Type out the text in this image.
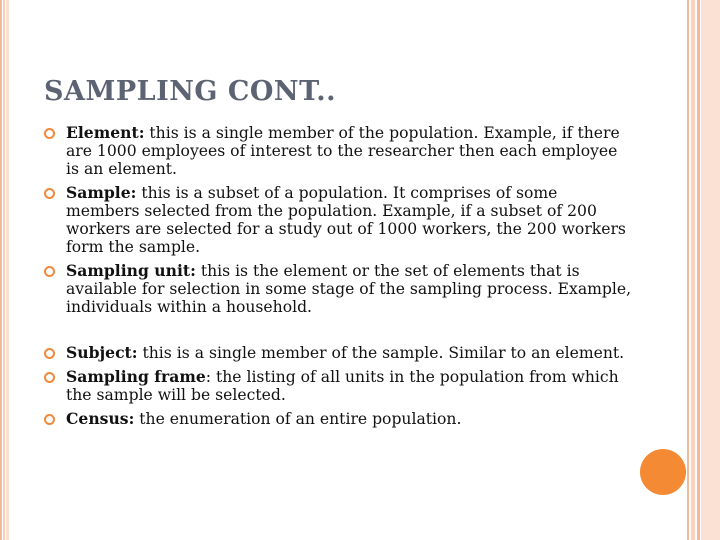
SAMPLING CONT..
Element: this is a single member of the population. Example, if there are 1000 employees of interest to the researcher then each employee is an element.
Sample: this is a subset of a population. It comprises of some members selected from the population. Example, if a subset of 200 workers are selected for a study out of 1000 workers, the 200 workers form the sample.
Sampling unit: this is the element or the set of elements that is available for selection in some stage of the sampling process. Example, individuals within a household.
Subject: this is a single member of the sample. Similar to an element.
Sampling frame: the listing of all units in the population from which the sample will be selected.
Census: the enumeration of an entire population.
